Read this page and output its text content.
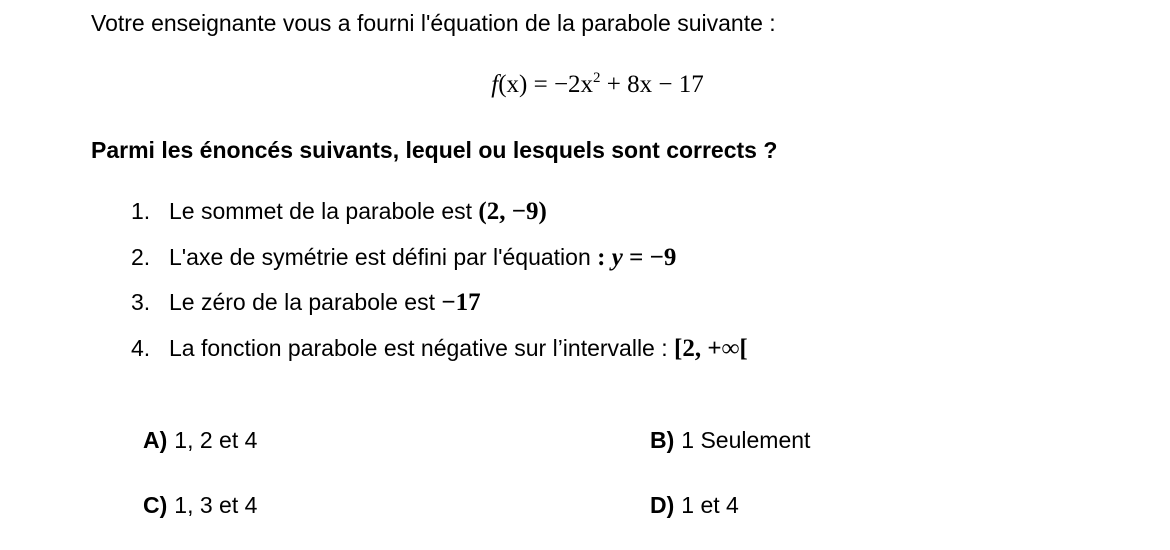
Votre enseignante vous a fourni l'équation de la parabole suivante :
$f(x) = -2x^2 + 8x - 17$
Parmi les énoncés suivants, lequel ou lesquels sont corrects ?
1. Le sommet de la parabole est (2, −9)
2. L'axe de symétrie est défini par l'équation : y = −9
3. Le zéro de la parabole est −17
4. La fonction parabole est négative sur l’intervalle : [2, +∞[
A) 1, 2 et 4	B) 1 Seulement
C) 1, 3 et 4	D) 1 et 4
